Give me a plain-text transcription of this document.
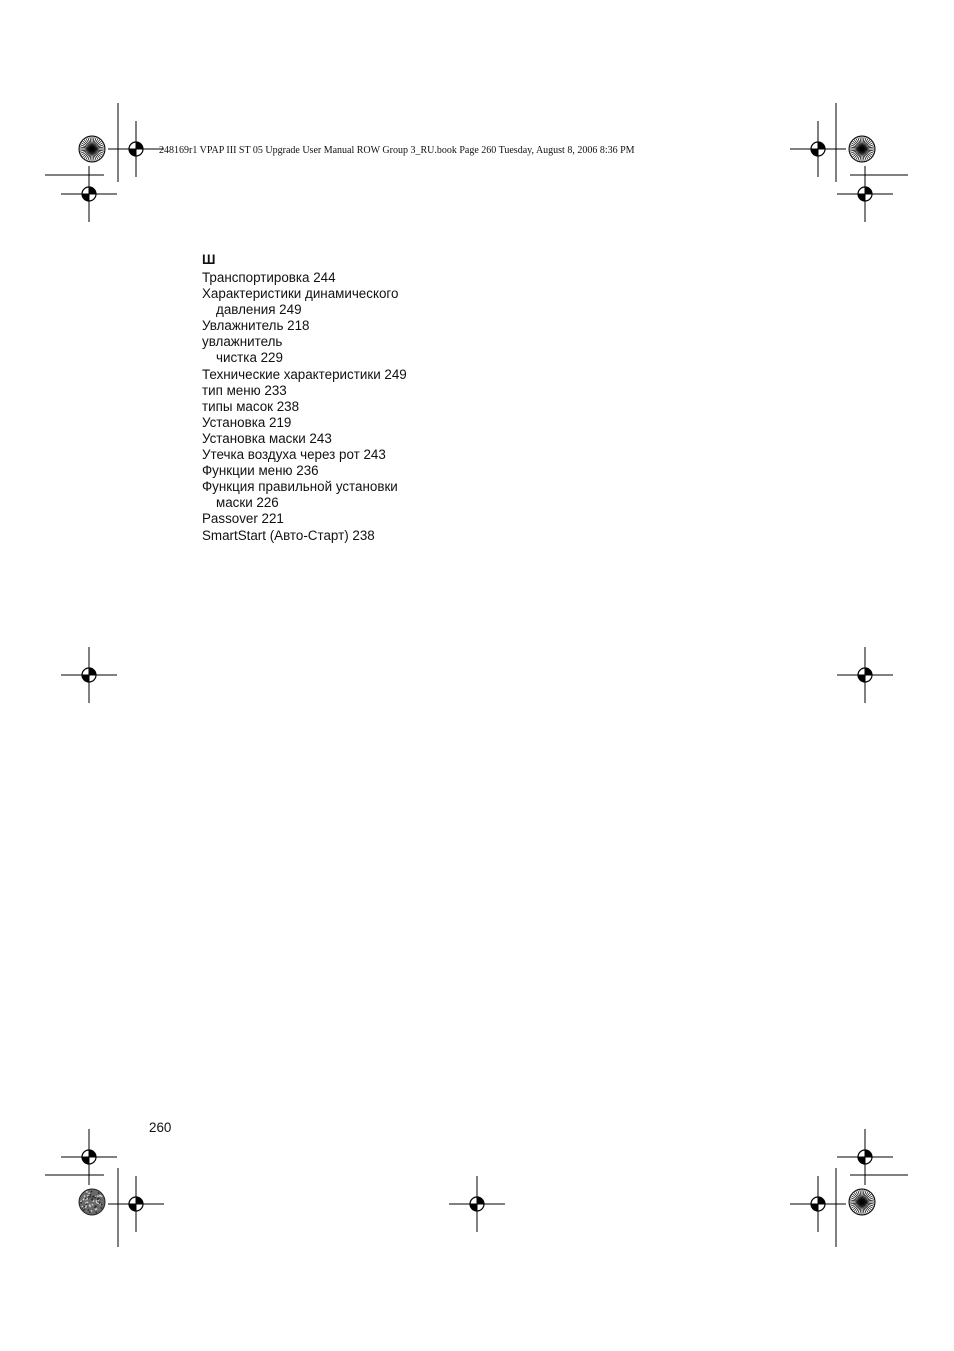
248169r1 VPAP III ST 05 Upgrade User Manual ROW Group 3_RU.book Page 260 Tuesday, August 8, 2006 8:36 PM
Ш
Транспортировка 244
Характеристики динамического
давления 249
Увлажнитель 218
увлажнитель
чистка 229
Технические характеристики 249
тип меню 233
типы масок 238
Установка 219
Установка маски 243
Утечка воздуха через рот 243
Функции меню 236
Функция правильной установки
маски 226
Passover 221
SmartStart (Авто-Старт) 238
260
